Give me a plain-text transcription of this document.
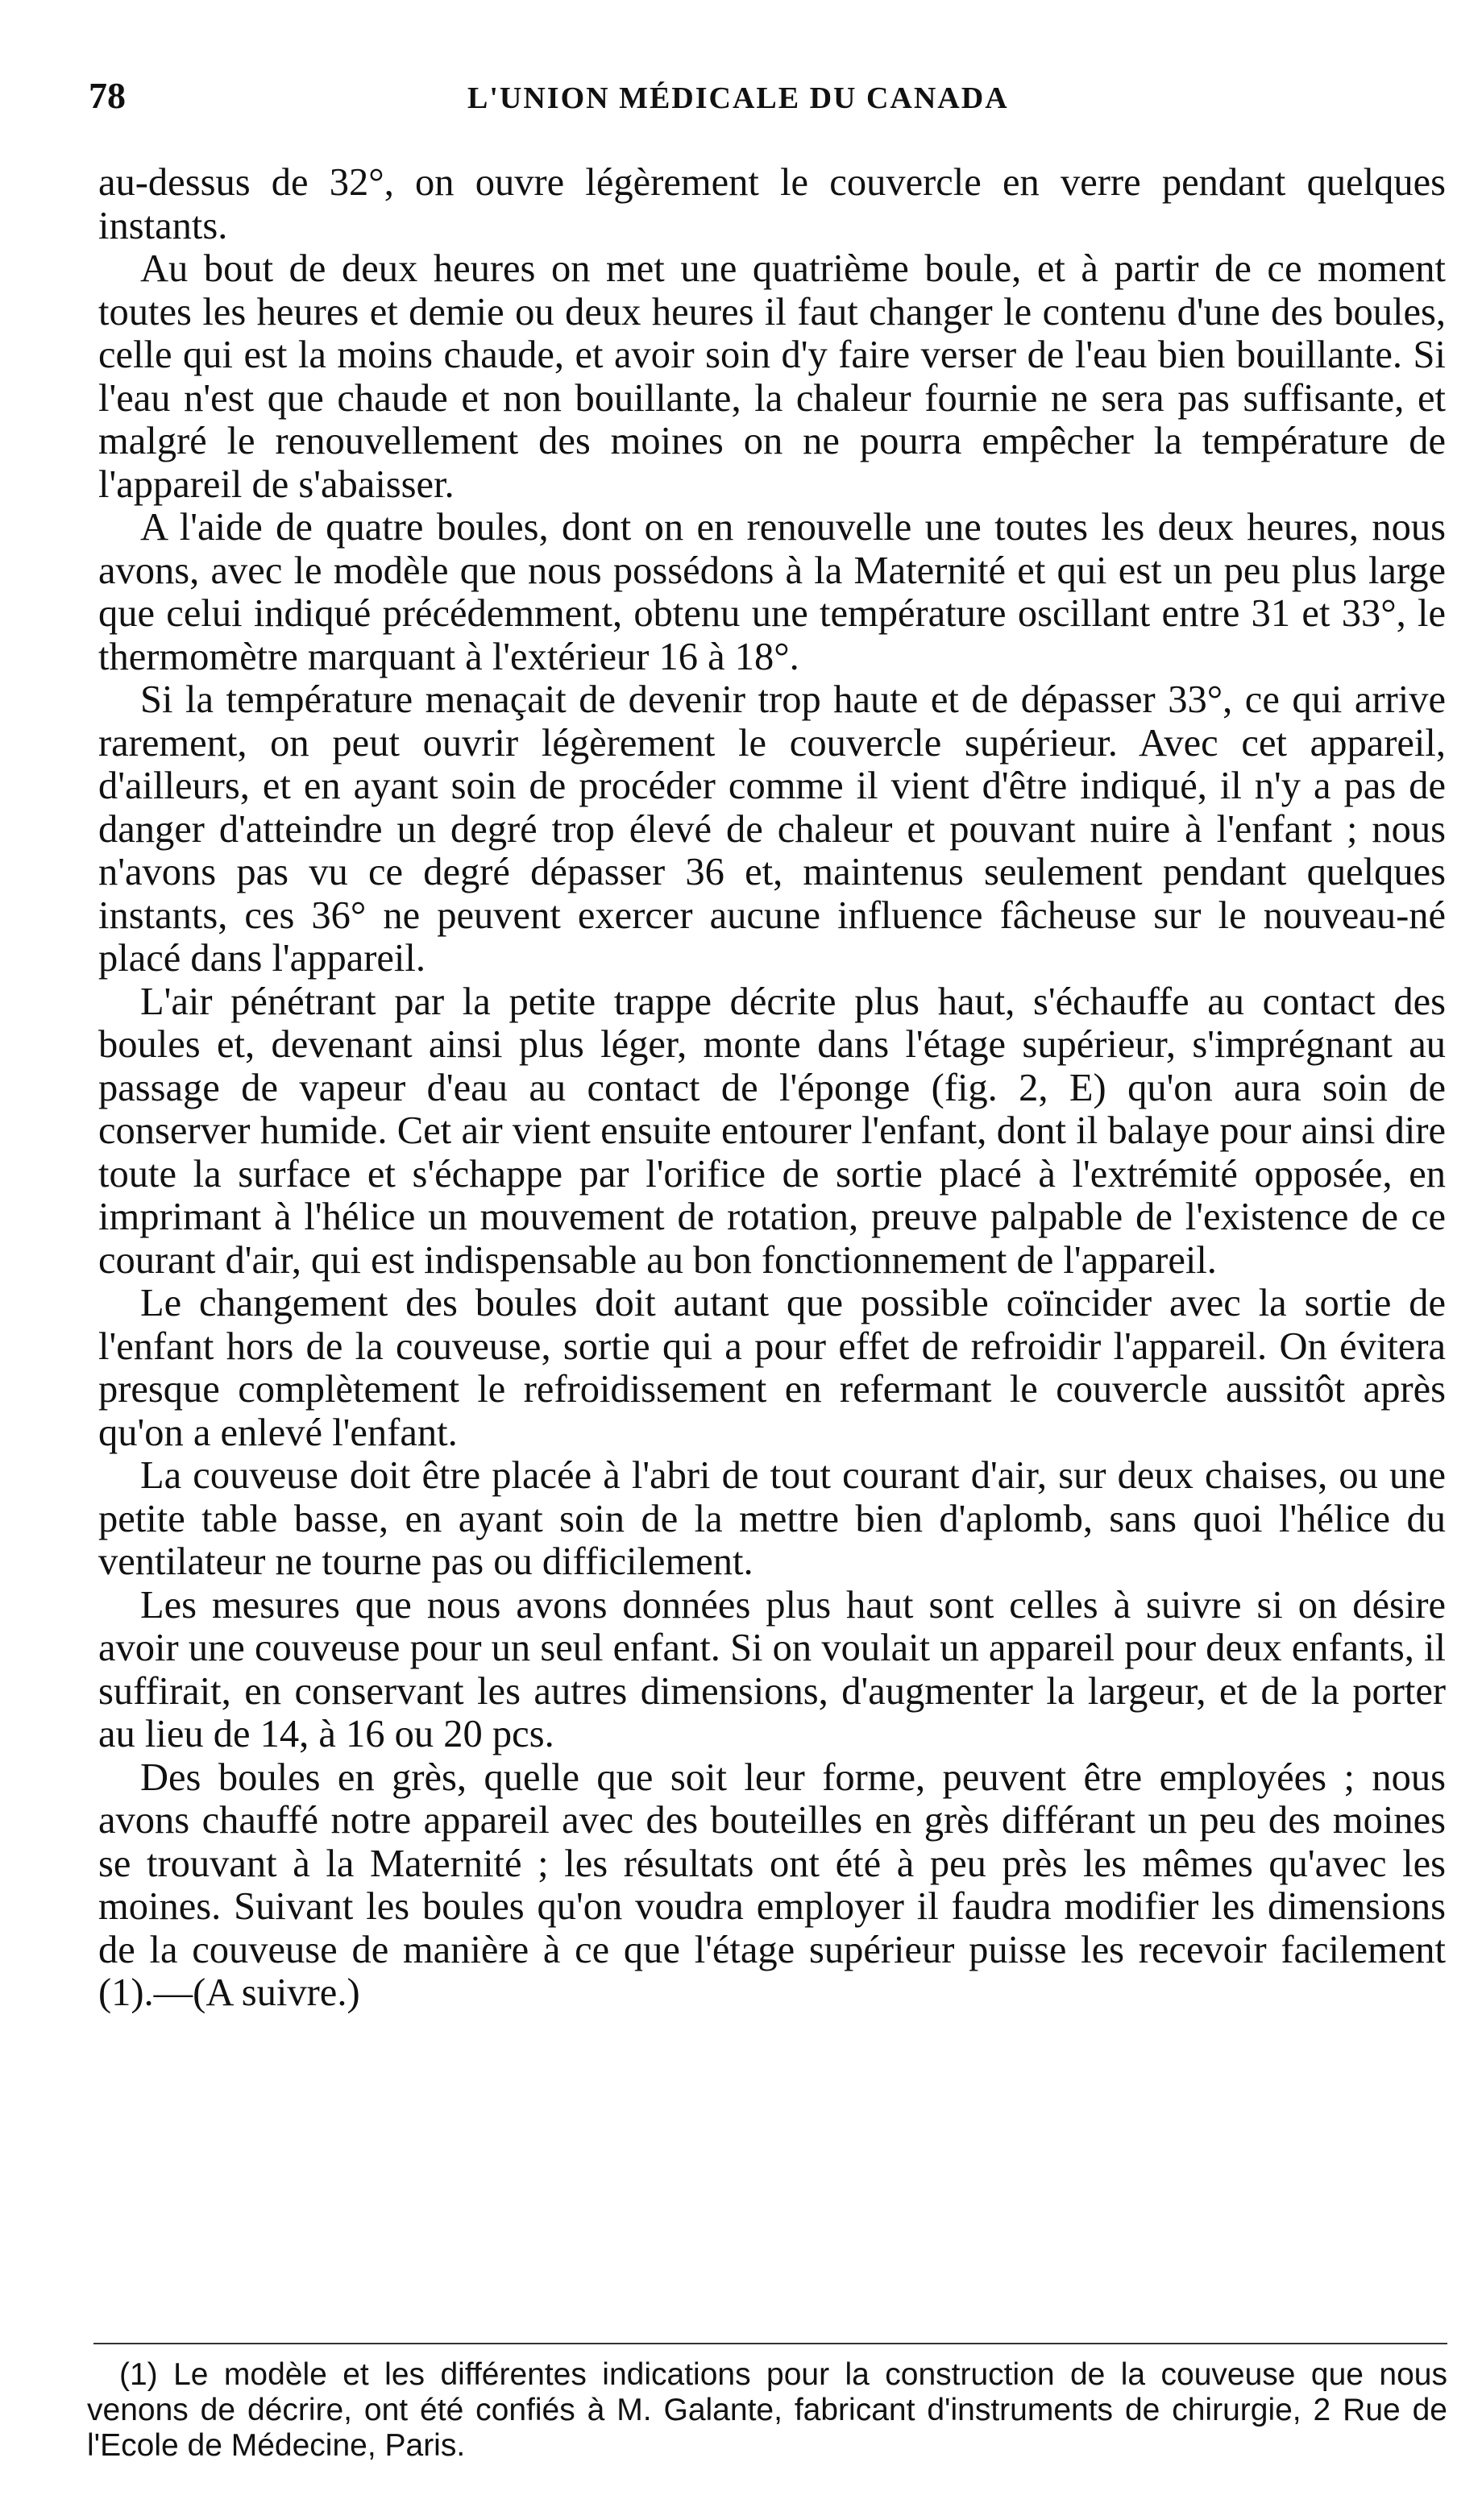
78	L'UNION MÉDICALE DU CANADA

au-dessus de 32°, on ouvre légèrement le couvercle en verre pendant quelques instants.

Au bout de deux heures on met une quatrième boule, et à partir de ce moment toutes les heures et demie ou deux heures il faut changer le contenu d'une des boules, celle qui est la moins chaude, et avoir soin d'y faire verser de l'eau bien bouillante. Si l'eau n'est que chaude et non bouillante, la chaleur fournie ne sera pas suffisante, et malgré le renouvellement des moines on ne pourra empêcher la température de l'appareil de s'abaisser.

A l'aide de quatre boules, dont on en renouvelle une toutes les deux heures, nous avons, avec le modèle que nous possédons à la Maternité et qui est un peu plus large que celui indiqué précédemment, obtenu une température oscillant entre 31 et 33°, le thermomètre marquant à l'extérieur 16 à 18°.

Si la température menaçait de devenir trop haute et de dépasser 33°, ce qui arrive rarement, on peut ouvrir légèrement le couvercle supérieur. Avec cet appareil, d'ailleurs, et en ayant soin de procéder comme il vient d'être indiqué, il n'y a pas de danger d'atteindre un degré trop élevé de chaleur et pouvant nuire à l'enfant ; nous n'avons pas vu ce degré dépasser 36 et, maintenus seulement pendant quelques instants, ces 36° ne peuvent exercer aucune influence fâcheuse sur le nouveau-né placé dans l'appareil.

L'air pénétrant par la petite trappe décrite plus haut, s'échauffe au contact des boules et, devenant ainsi plus léger, monte dans l'étage supérieur, s'imprégnant au passage de vapeur d'eau au contact de l'éponge (fig. 2, E) qu'on aura soin de conserver humide. Cet air vient ensuite entourer l'enfant, dont il balaye pour ainsi dire toute la surface et s'échappe par l'orifice de sortie placé à l'extrémité opposée, en imprimant à l'hélice un mouvement de rotation, preuve palpable de l'existence de ce courant d'air, qui est indispensable au bon fonctionnement de l'appareil.

Le changement des boules doit autant que possible coïncider avec la sortie de l'enfant hors de la couveuse, sortie qui a pour effet de refroidir l'appareil. On évitera presque complètement le refroidissement en refermant le couvercle aussitôt après qu'on a enlevé l'enfant.

La couveuse doit être placée à l'abri de tout courant d'air, sur deux chaises, ou une petite table basse, en ayant soin de la mettre bien d'aplomb, sans quoi l'hélice du ventilateur ne tourne pas ou difficilement.

Les mesures que nous avons données plus haut sont celles à suivre si on désire avoir une couveuse pour un seul enfant. Si on voulait un appareil pour deux enfants, il suffirait, en conservant les autres dimensions, d'augmenter la largeur, et de la porter au lieu de 14, à 16 ou 20 pcs.

Des boules en grès, quelle que soit leur forme, peuvent être employées ; nous avons chauffé notre appareil avec des bouteilles en grès différant un peu des moines se trouvant à la Maternité ; les résultats ont été à peu près les mêmes qu'avec les moines. Suivant les boules qu'on voudra employer il faudra modifier les dimensions de la couveuse de manière à ce que l'étage supérieur puisse les recevoir facilement (1).—(A suivre.)

(1) Le modèle et les différentes indications pour la construction de la couveuse que nous venons de décrire, ont été confiés à M. Galante, fabricant d'instruments de chirurgie, 2 Rue de l'Ecole de Médecine, Paris.
